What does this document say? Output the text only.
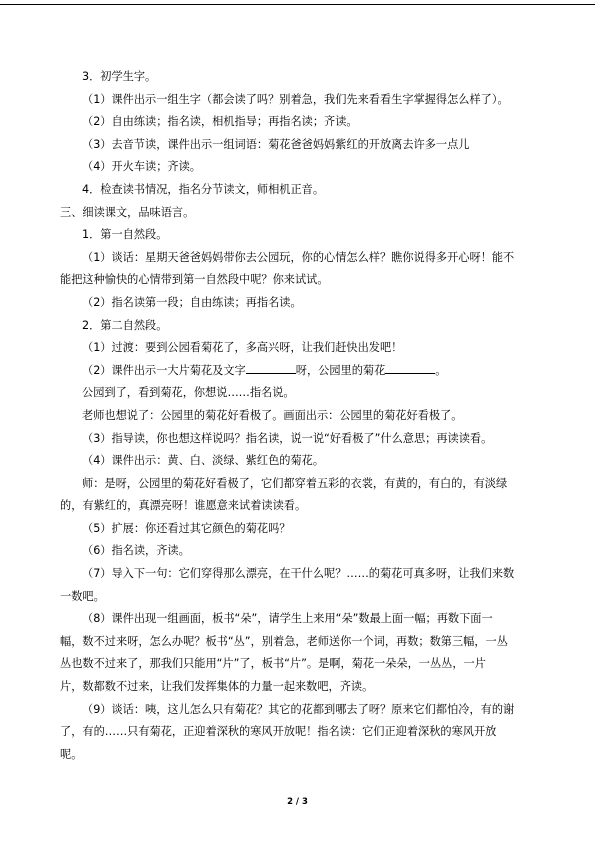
3．初学生字。

（1）课件出示一组生字（都会读了吗？别着急，我们先来看看生字掌握得怎么样了）。

（2）自由练读；指名读，相机指导；再指名读；齐读。

（3）去音节读，课件出示一组词语：菊花爸爸妈妈紫红的开放离去许多一点儿

（4）开火车读；齐读。

4．检查读书情况，指名分节读文，师相机正音。

三、细读课文，品味语言。

1．第一自然段。

（1）谈话：星期天爸爸妈妈带你去公园玩，你的心情怎么样？瞧你说得多开心呀！能不

能把这种愉快的心情带到第一自然段中呢？你来试试。

（2）指名读第一段；自由练读；再指名读。

2．第二自然段。

（1）过渡：要到公园看菊花了，多高兴呀，让我们赶快出发吧！

（2）课件出示一大片菊花及文字	呀，公园里的菊花	。

公园到了，看到菊花，你想说……指名说。

老师也想说了：公园里的菊花好看极了。画面出示：公园里的菊花好看极了。

（3）指导读，你也想这样说吗？指名读，说一说“好看极了”什么意思；再读读看。

（4）课件出示：黄、白、淡绿、紫红色的菊花。

师：是呀，公园里的菊花好看极了，它们都穿着五彩的衣裳，有黄的，有白的，有淡绿

的，有紫红的，真漂亮呀！谁愿意来试着读读看。

（5）扩展：你还看过其它颜色的菊花吗？

（6）指名读，齐读。

（7）导入下一句：它们穿得那么漂亮，在干什么呢？……的菊花可真多呀，让我们来数

一数吧。

（8）课件出现一组画面，板书“朵”，请学生上来用“朵”数最上面一幅；再数下面一

幅，数不过来呀，怎么办呢？板书“丛”，别着急，老师送你一个词，再数；数第三幅，一丛

丛也数不过来了，那我们只能用“片”了，板书“片”。是啊，菊花一朵朵，一丛丛，一片

片，数都数不过来，让我们发挥集体的力量一起来数吧，齐读。

（9）谈话：咦，这儿怎么只有菊花？其它的花都到哪去了呀？原来它们都怕冷，有的谢

了，有的……只有菊花，正迎着深秋的寒风开放呢！指名读：它们正迎着深秋的寒风开放

呢。

2 / 3
